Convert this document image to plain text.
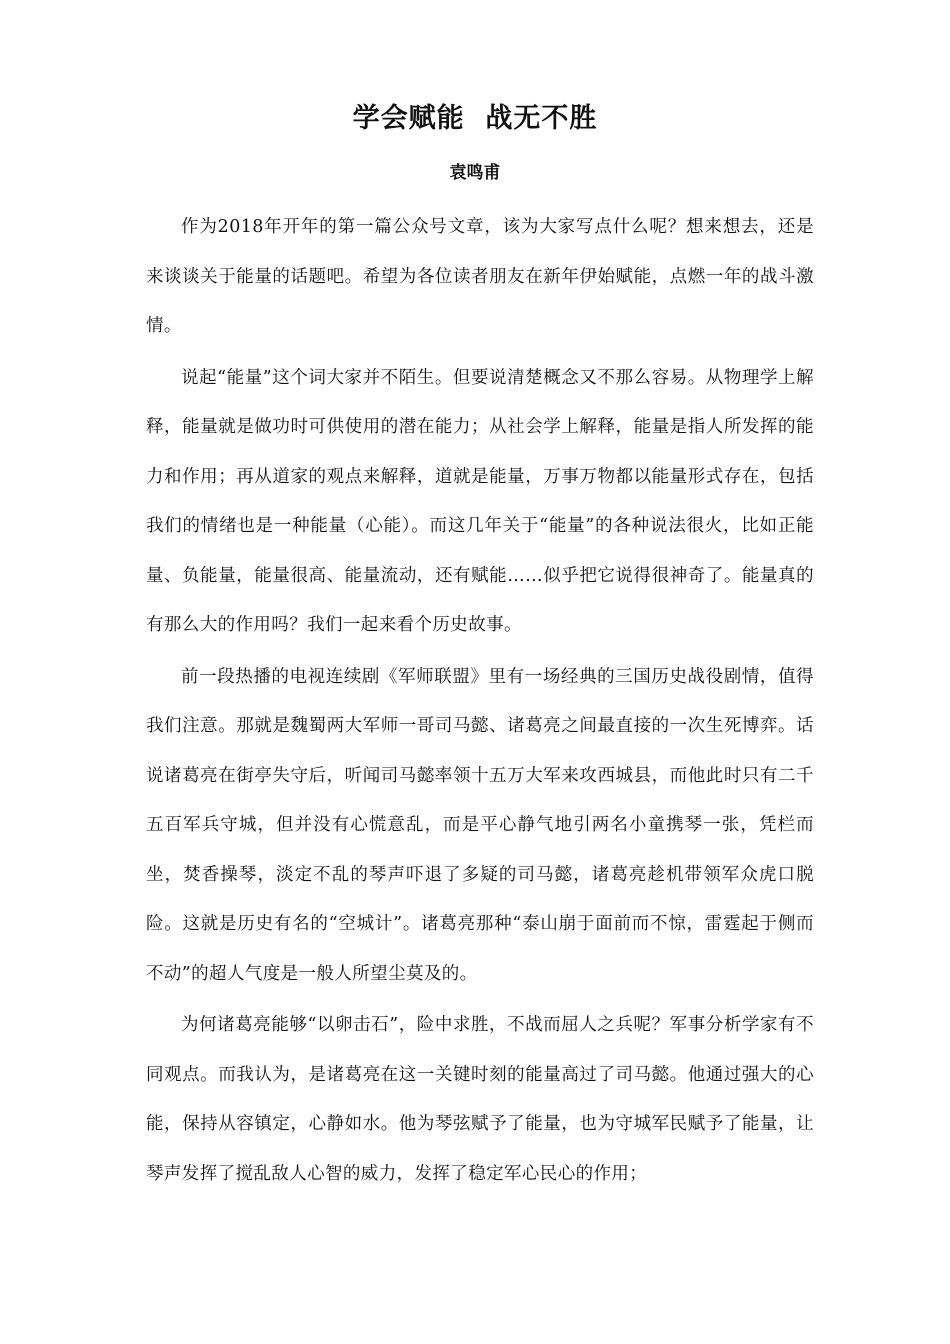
学会赋能  战无不胜
袁鸣甫

作为2018年开年的第一篇公众号文章，该为大家写点什么呢？想来想去，还是来谈谈关于能量的话题吧。希望为各位读者朋友在新年伊始赋能，点燃一年的战斗激情。

说起“能量”这个词大家并不陌生。但要说清楚概念又不那么容易。从物理学上解释，能量就是做功时可供使用的潜在能力；从社会学上解释，能量是指人所发挥的能力和作用；再从道家的观点来解释，道就是能量，万事万物都以能量形式存在，包括我们的情绪也是一种能量（心能）。而这几年关于“能量”的各种说法很火，比如正能量、负能量，能量很高、能量流动，还有赋能……似乎把它说得很神奇了。能量真的有那么大的作用吗？我们一起来看个历史故事。

前一段热播的电视连续剧《军师联盟》里有一场经典的三国历史战役剧情，值得我们注意。那就是魏蜀两大军师一哥司马懿、诸葛亮之间最直接的一次生死博弈。话说诸葛亮在街亭失守后，听闻司马懿率领十五万大军来攻西城县，而他此时只有二千五百军兵守城，但并没有心慌意乱，而是平心静气地引两名小童携琴一张，凭栏而坐，焚香操琴，淡定不乱的琴声吓退了多疑的司马懿，诸葛亮趁机带领军众虎口脱险。这就是历史有名的“空城计”。诸葛亮那种“泰山崩于面前而不惊，雷霆起于侧而不动”的超人气度是一般人所望尘莫及的。

为何诸葛亮能够“以卵击石”，险中求胜，不战而屈人之兵呢？军事分析学家有不同观点。而我认为，是诸葛亮在这一关键时刻的能量高过了司马懿。他通过强大的心能，保持从容镇定，心静如水。他为琴弦赋予了能量，也为守城军民赋予了能量，让琴声发挥了搅乱敌人心智的威力，发挥了稳定军心民心的作用；
